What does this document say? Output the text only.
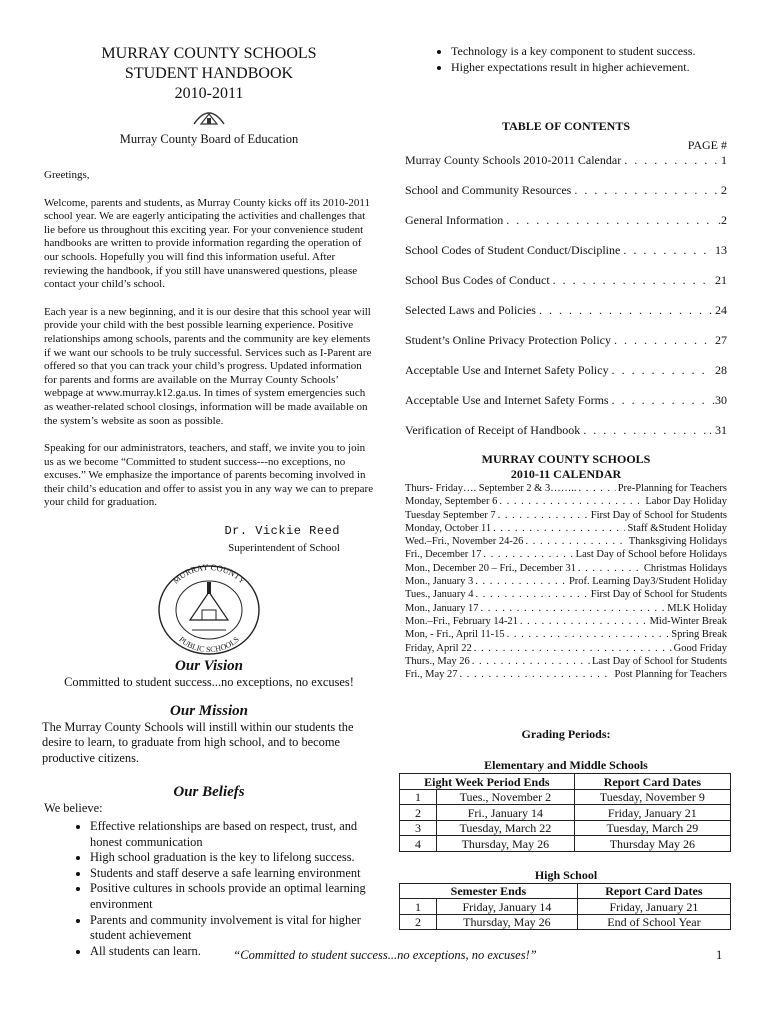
MURRAY COUNTY SCHOOLS
STUDENT HANDBOOK
2010-2011
Murray County Board of Education
Greetings,

Welcome, parents and students, as Murray County kicks off its 2010-2011 school year. We are eagerly anticipating the activities and challenges that lie before us throughout this exciting year. For your convenience student handbooks are written to provide information regarding the operation of our schools. Hopefully you will find this information useful. After reviewing the handbook, if you still have unanswered questions, please contact your child’s school.

Each year is a new beginning, and it is our desire that this school year will provide your child with the best possible learning experience. Positive relationships among schools, parents and the community are key elements if we want our schools to be truly successful. Services such as I-Parent are offered so that you can track your child’s progress. Updated information for parents and forms are available on the Murray County Schools’ webpage at www.murray.k12.ga.us. In times of system emergencies such as weather-related school closings, information will be made available on the system’s website as soon as possible.

Speaking for our administrators, teachers, and staff, we invite you to join us as we become “Committed to student success---no exceptions, no excuses.” We emphasize the importance of parents becoming involved in their child’s education and offer to assist you in any way we can to prepare your child for graduation.

Dr. Vickie Reed
Superintendent of School
MURRAY COUNTY
PUBLIC SCHOOLS
Our Vision
Committed to student success...no exceptions, no excuses!
Our Mission
The Murray County Schools will instill within our students the desire to learn, to graduate from high school, and to become productive citizens.
Our Beliefs
We believe:
• Effective relationships are based on respect, trust, and honest communication
• High school graduation is the key to lifelong success.
• Students and staff deserve a safe learning environment
• Positive cultures in schools provide an optimal learning environment
• Parents and community involvement is vital for higher student achievement
• All students can learn.
• Technology is a key component to student success.
• Higher expectations result in higher achievement.
TABLE OF CONTENTS
PAGE #
Murray County Schools 2010-2011 Calendar . . .	1
School and Community Resources . . .	2
General Information . . .	.2
School Codes of Student Conduct/Discipline . . .	13
School Bus Codes of Conduct . . .	21
Selected Laws and Policies . . .	24
Student’s Online Privacy Protection Policy . . .	27
Acceptable Use and Internet Safety Policy . . .	28
Acceptable Use and Internet Safety Forms . . .	.30
Verification of Receipt of Handbook . . .	. 31
MURRAY COUNTY SCHOOLS
2010-11 CALENDAR
Thurs- Friday…. September 2 & 3…….. . . .	Pre-Planning for Teachers
Monday, September 6 . . .	Labor Day Holiday
Tuesday September 7 . . .	First Day of School for Students
Monday, October 11 . . .	Staff &Student Holiday
Wed.–Fri., November 24-26 . . .	Thanksgiving Holidays
Fri., December 17 . . .	Last Day of School before Holidays
Mon., December 20 – Fri., December 31 . . .	Christmas Holidays
Mon., January 3 . . .	Prof. Learning Day3/Student Holiday
Tues., January 4 . . .	First Day of School for Students
Mon., January 17 . . .	MLK Holiday
Mon.–Fri., February 14-21 . . .	Mid-Winter Break
Mon, - Fri., April 11-15 . . .	Spring Break
Friday, April 22 . . .	Good Friday
Thurs., May 26 . . .	Last Day of School for Students
Fri., May 27 . . .	Post Planning for Teachers
Grading Periods:
Elementary and Middle Schools
Eight Week Period Ends		Report Card Dates
1	Tues., November 2	Tuesday, November 9
2	Fri., January 14	Friday, January 21
3	Tuesday, March 22	Tuesday, March 29
4	Thursday, May 26	Thursday May 26
High School
Semester Ends		Report Card Dates
1	Friday, January 14	Friday, January 21
2	Thursday, May 26	End of School Year
“Committed to student success...no exceptions, no excuses!”	1
